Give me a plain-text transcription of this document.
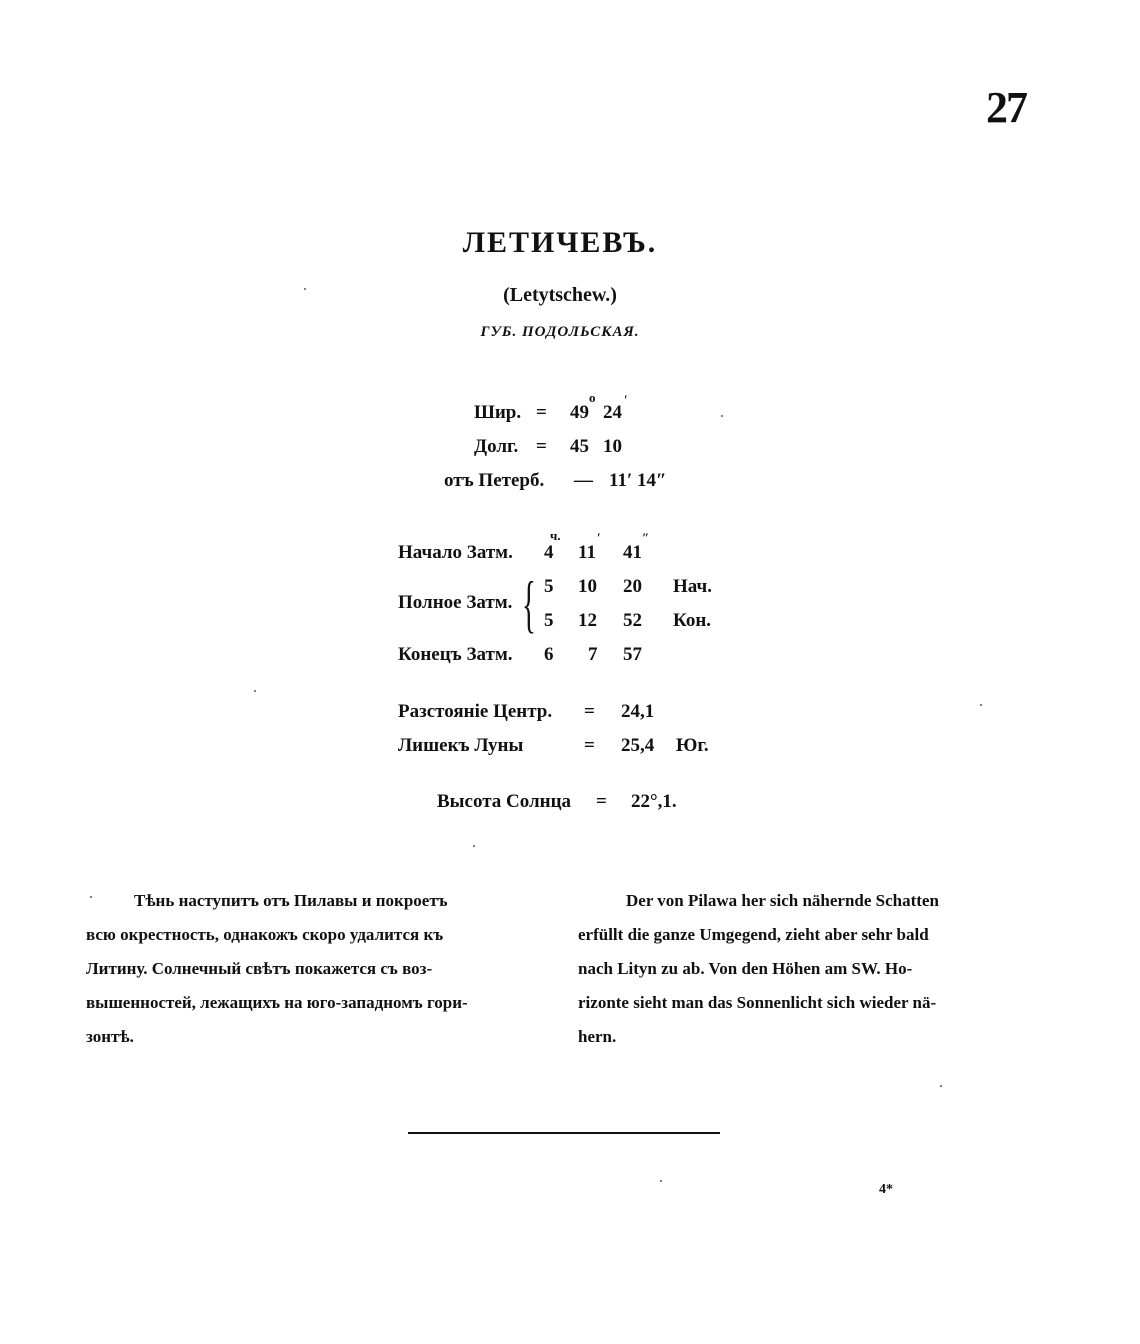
27
ЛЕТИЧЕВЪ.
(Letytschew.)
ГУБ. ПОДОЛЬСКАЯ.
o ′
Шир. = 49 24
Долг. = 45 10
отъ Петерб. — 11′ 14″
ч.	′	″
Начало Затм. 4 11 41
Полное Затм. { 5 10 20 Нач.
5 12 52 Кон.
Конецъ Затм. 6 7 57
Разстояніе Центр. = 24,1
Лишекъ Луны	= 25,4 Юг.
Высота Солнца = 22°,1.
Тѣнь наступитъ отъ Пилавы и покроетъ
всю окрестность, однакожъ скоро удалится къ
Литину. Солнечный свѣтъ покажется съ воз-
вышенностей, лежащихъ на юго-западномъ гори-
зонтѣ.
Der von Pilawa her sich nähernde Schatten
erfüllt die ganze Umgegend, zieht aber sehr bald
nach Lityn zu ab. Von den Höhen am SW. Ho-
rizonte sieht man das Sonnenlicht sich wieder nä-
hern.
4*
